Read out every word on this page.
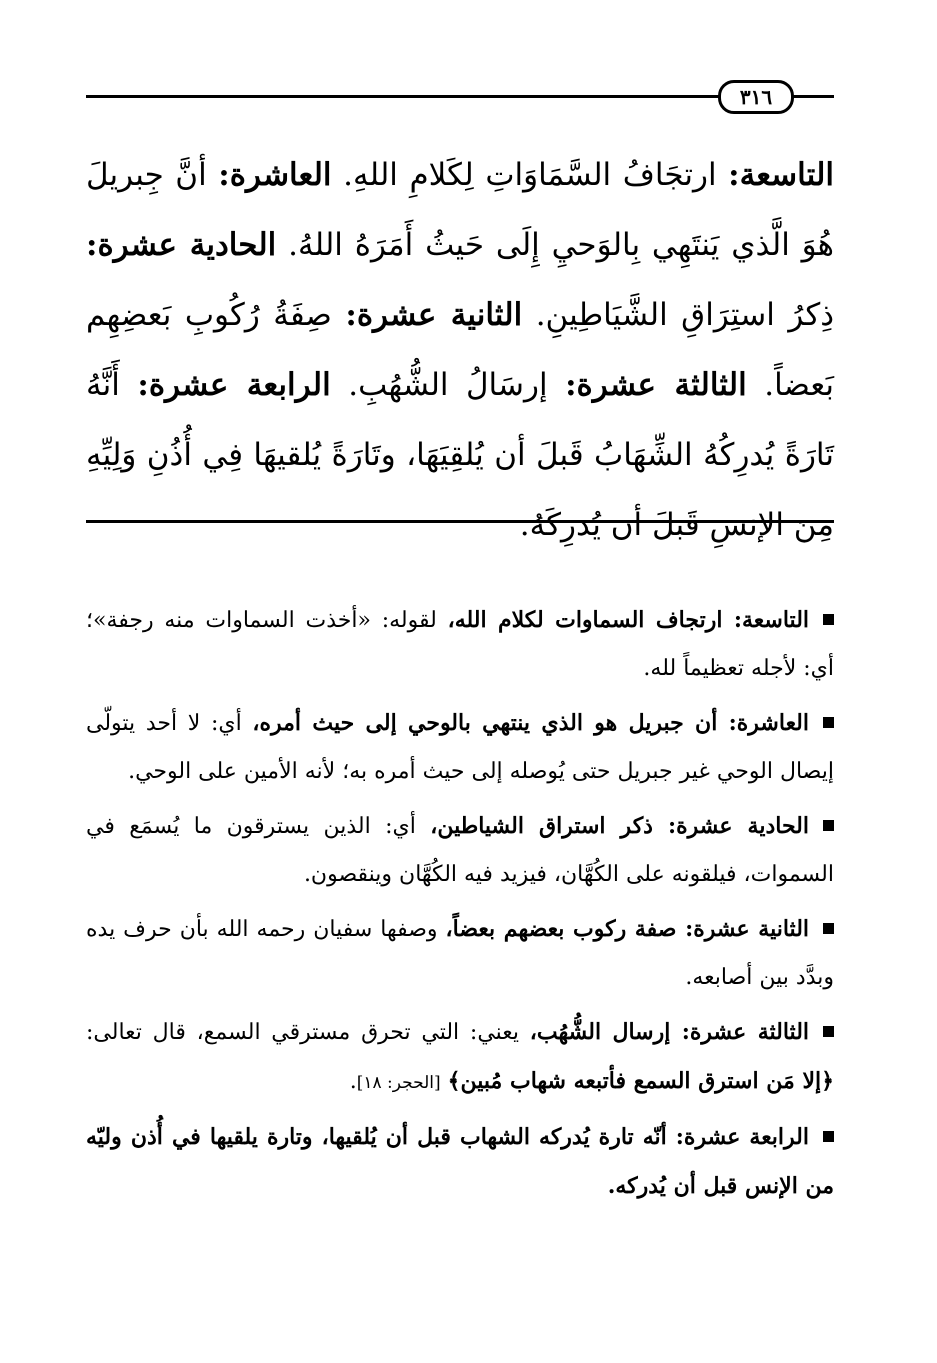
٣١٦
التاسعة: ارتجَافُ السَّمَاوَاتِ لِكَلامِ اللهِ. العاشرة: أنَّ جِبريلَ هُوَ الَّذي يَنتَهِي بِالوَحيِ إِلَى حَيثُ أَمَرَهُ اللهُ. الحادية عشرة: ذِكرُ استِرَاقِ الشَّيَاطِينِ. الثانية عشرة: صِفَةُ رُكُوبِ بَعضِهِم بَعضاً. الثالثة عشرة: إرسَالُ الشُّهُبِ. الرابعة عشرة: أَنَّهُ تَارَةً يُدرِكُهُ الشِّهَابُ قَبلَ أن يُلقِيَهَا، وتَارَةً يُلقيهَا فِي أُذُنِ وَلِيِّهِ مِنَ الإنسِ قَبلَ أن يُدرِكَهُ.

التاسعة: ارتجاف السماوات لكلام الله، لقوله: «أخذت السماوات منه رجفة»؛ أي: لأجله تعظيماً لله.

العاشرة: أن جبريل هو الذي ينتهي بالوحي إلى حيث أمره، أي: لا أحد يتولّى إيصال الوحي غير جبريل حتى يُوصله إلى حيث أمره به؛ لأنه الأمين على الوحي.

الحادية عشرة: ذكر استراق الشياطين، أي: الذين يسترقون ما يُسمَع في السموات، فيلقونه على الكُهَّان، فيزيد فيه الكُهَّان وينقصون.

الثانية عشرة: صفة ركوب بعضهم بعضاً، وصفها سفيان رحمه الله بأن حرف يده وبدَّد بين أصابعه.

الثالثة عشرة: إرسال الشُّهُب، يعني: التي تحرق مسترقي السمع، قال تعالى: ﴿إلا مَن استرق السمع فأتبعه شهاب مُبين﴾ [الحجر: ١٨].

الرابعة عشرة: أنّه تارة يُدركه الشهاب قبل أن يُلقيها، وتارة يلقيها في أُذن وليّه من الإنس قبل أن يُدركه.
